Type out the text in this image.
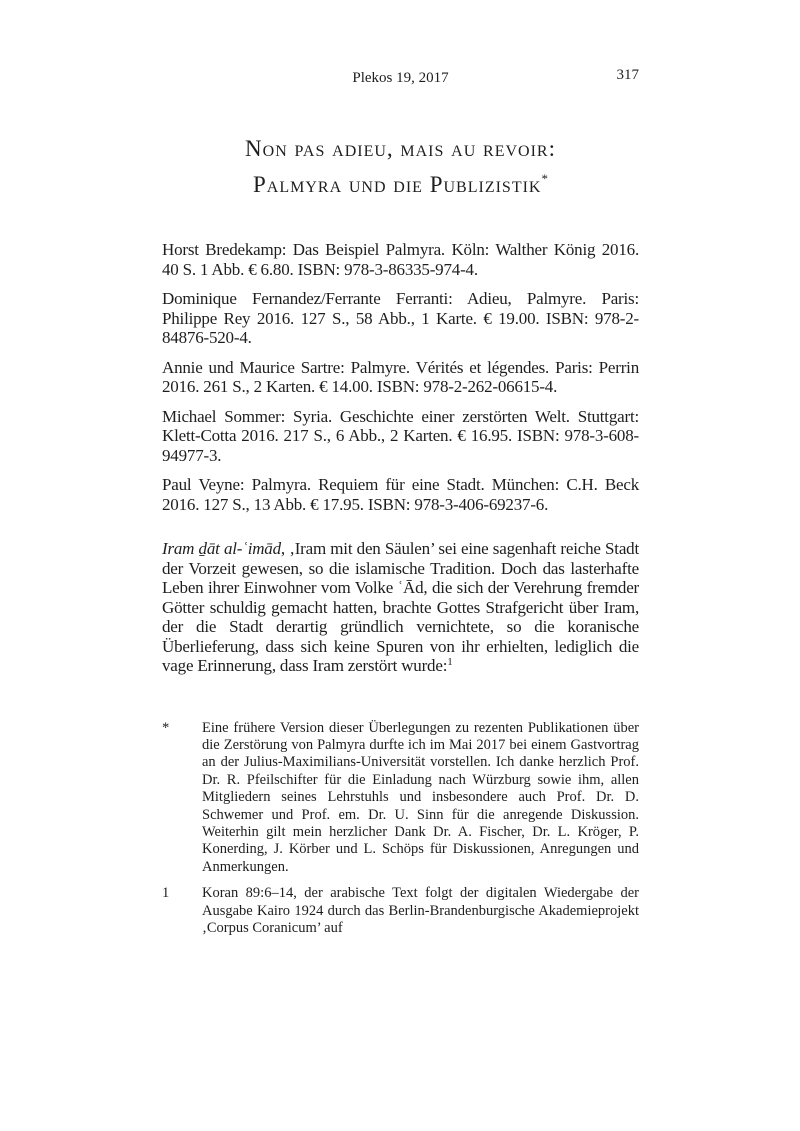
Plekos 19, 2017	317
Non pas adieu, mais au revoir:
Palmyra und die Publizistik*

Horst Bredekamp: Das Beispiel Palmyra. Köln: Walther König 2016. 40 S. 1 Abb. € 6.80. ISBN: 978-3-86335-974-4.

Dominique Fernandez/Ferrante Ferranti: Adieu, Palmyre. Paris: Philippe Rey 2016. 127 S., 58 Abb., 1 Karte. € 19.00. ISBN: 978-2-84876-520-4.

Annie und Maurice Sartre: Palmyre. Vérités et légendes. Paris: Perrin 2016. 261 S., 2 Karten. € 14.00. ISBN: 978-2-262-06615-4.

Michael Sommer: Syria. Geschichte einer zerstörten Welt. Stuttgart: Klett-Cotta 2016. 217 S., 6 Abb., 2 Karten. € 16.95. ISBN: 978-3-608-94977-3.

Paul Veyne: Palmyra. Requiem für eine Stadt. München: C.H. Beck 2016. 127 S., 13 Abb. € 17.95. ISBN: 978-3-406-69237-6.

Iram ḏāt al-ʿimād, ‚Iram mit den Säulen’ sei eine sagenhaft reiche Stadt der Vorzeit gewesen, so die islamische Tradition. Doch das lasterhafte Leben ihrer Einwohner vom Volke ʿĀd, die sich der Verehrung fremder Götter schuldig gemacht hatten, brachte Gottes Strafgericht über Iram, der die Stadt derartig gründlich vernichtete, so die koranische Überlieferung, dass sich keine Spuren von ihr erhielten, lediglich die vage Erinnerung, dass Iram zerstört wurde:$^1$

*	Eine frühere Version dieser Überlegungen zu rezenten Publikationen über die Zerstörung von Palmyra durfte ich im Mai 2017 bei einem Gastvortrag an der Julius-Maximilians-Universität vorstellen. Ich danke herzlich Prof. Dr. R. Pfeilschifter für die Einladung nach Würzburg sowie ihm, allen Mitgliedern seines Lehrstuhls und insbesondere auch Prof. Dr. D. Schwemer und Prof. em. Dr. U. Sinn für die anregende Diskussion. Weiterhin gilt mein herzlicher Dank Dr. A. Fischer, Dr. L. Kröger, P. Konerding, J. Körber und L. Schöps für Diskussionen, Anregungen und Anmerkungen.
1	Koran 89:6–14, der arabische Text folgt der digitalen Wiedergabe der Ausgabe Kairo 1924 durch das Berlin-Brandenburgische Akademieprojekt ‚Corpus Coranicum’ auf
